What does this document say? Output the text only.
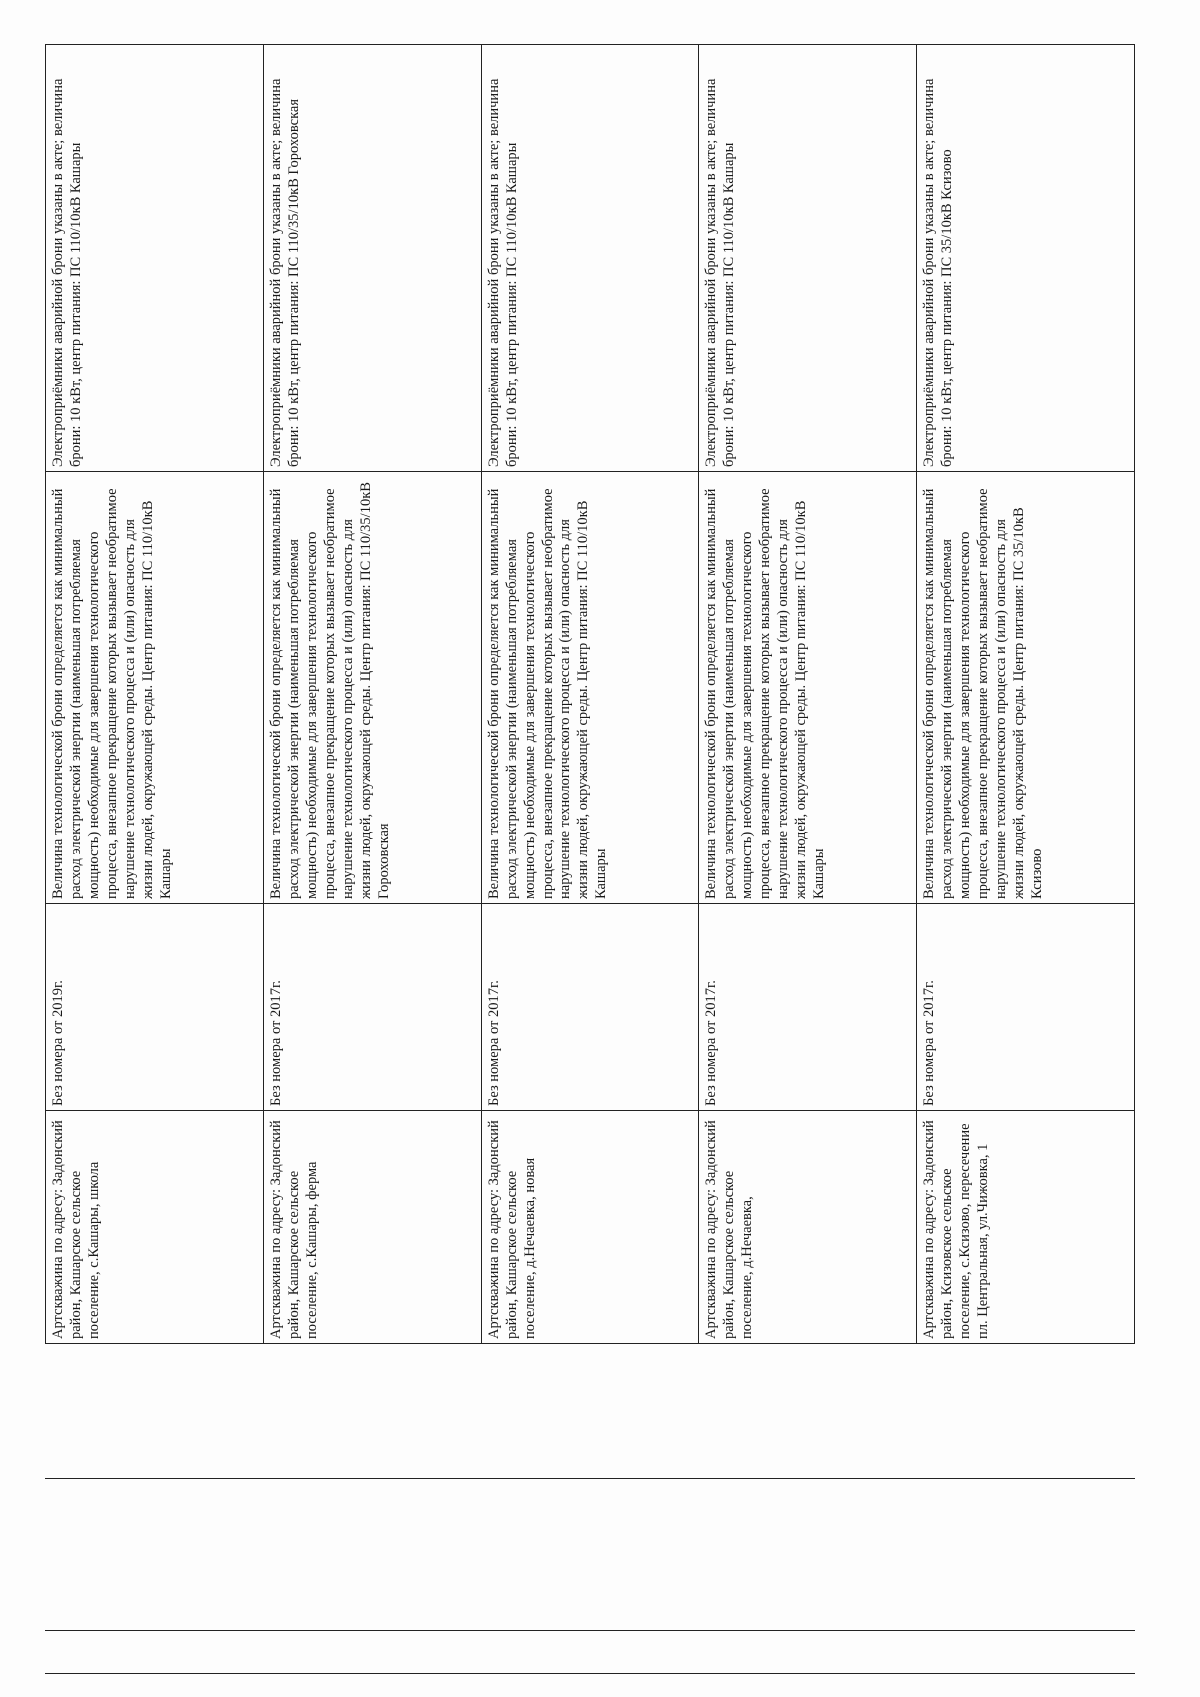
Артскважина по адресу: Задонский район, Кашарское сельское поселение, с.Кашары, школа	Без номера от 2019г.	Величина технологической брони определяется как минимальный расход электрической энергии (наименьшая потребляемая мощность) необходимые для завершения технологического процесса, внезапное прекращение которых вызывает необратимое нарушение технологического процесса и (или) опасность для жизни людей, окружающей среды. Центр питания: ПС 110/10кВ Кашары	Электроприёмники аварийной брони указаны в акте; величина брони: 10 кВт, центр питания: ПС 110/10кВ Кашары
Артскважина по адресу: Задонский район, Кашарское сельское поселение, с.Кашары, ферма	Без номера от 2017г.	Величина технологической брони определяется как минимальный расход электрической энергии (наименьшая потребляемая мощность) необходимые для завершения технологического процесса, внезапное прекращение которых вызывает необратимое нарушение технологического процесса и (или) опасность для жизни людей, окружающей среды. Центр питания: ПС 110/35/10кВ Гороховская	Электроприёмники аварийной брони указаны в акте; величина брони: 10 кВт, центр питания: ПС 110/35/10кВ Гороховская
Артскважина по адресу: Задонский район, Кашарское сельское поселение, д.Нечаевка, новая	Без номера от 2017г.	Величина технологической брони определяется как минимальный расход электрической энергии (наименьшая потребляемая мощность) необходимые для завершения технологического процесса, внезапное прекращение которых вызывает необратимое нарушение технологического процесса и (или) опасность для жизни людей, окружающей среды. Центр питания: ПС 110/10кВ Кашары	Электроприёмники аварийной брони указаны в акте; величина брони: 10 кВт, центр питания: ПС 110/10кВ Кашары
Артскважина по адресу: Задонский район, Кашарское сельское поселение, д.Нечаевка,	Без номера от 2017г.	Величина технологической брони определяется как минимальный расход электрической энергии (наименьшая потребляемая мощность) необходимые для завершения технологического процесса, внезапное прекращение которых вызывает необратимое нарушение технологического процесса и (или) опасность для жизни людей, окружающей среды. Центр питания: ПС 110/10кВ Кашары	Электроприёмники аварийной брони указаны в акте; величина брони: 10 кВт, центр питания: ПС 110/10кВ Кашары
Артскважина по адресу: Задонский район, Ксизовское сельское поселение, с.Ксизово, пересечение пл. Центральная, ул.Чижовка, 1	Без номера от 2017г.	Величина технологической брони определяется как минимальный расход электрической энергии (наименьшая потребляемая мощность) необходимые для завершения технологического процесса, внезапное прекращение которых вызывает необратимое нарушение технологического процесса и (или) опасность для жизни людей, окружающей среды. Центр питания: ПС 35/10кВ Ксизово	Электроприёмники аварийной брони указаны в акте; величина брони: 10 кВт, центр питания: ПС 35/10кВ Ксизово
